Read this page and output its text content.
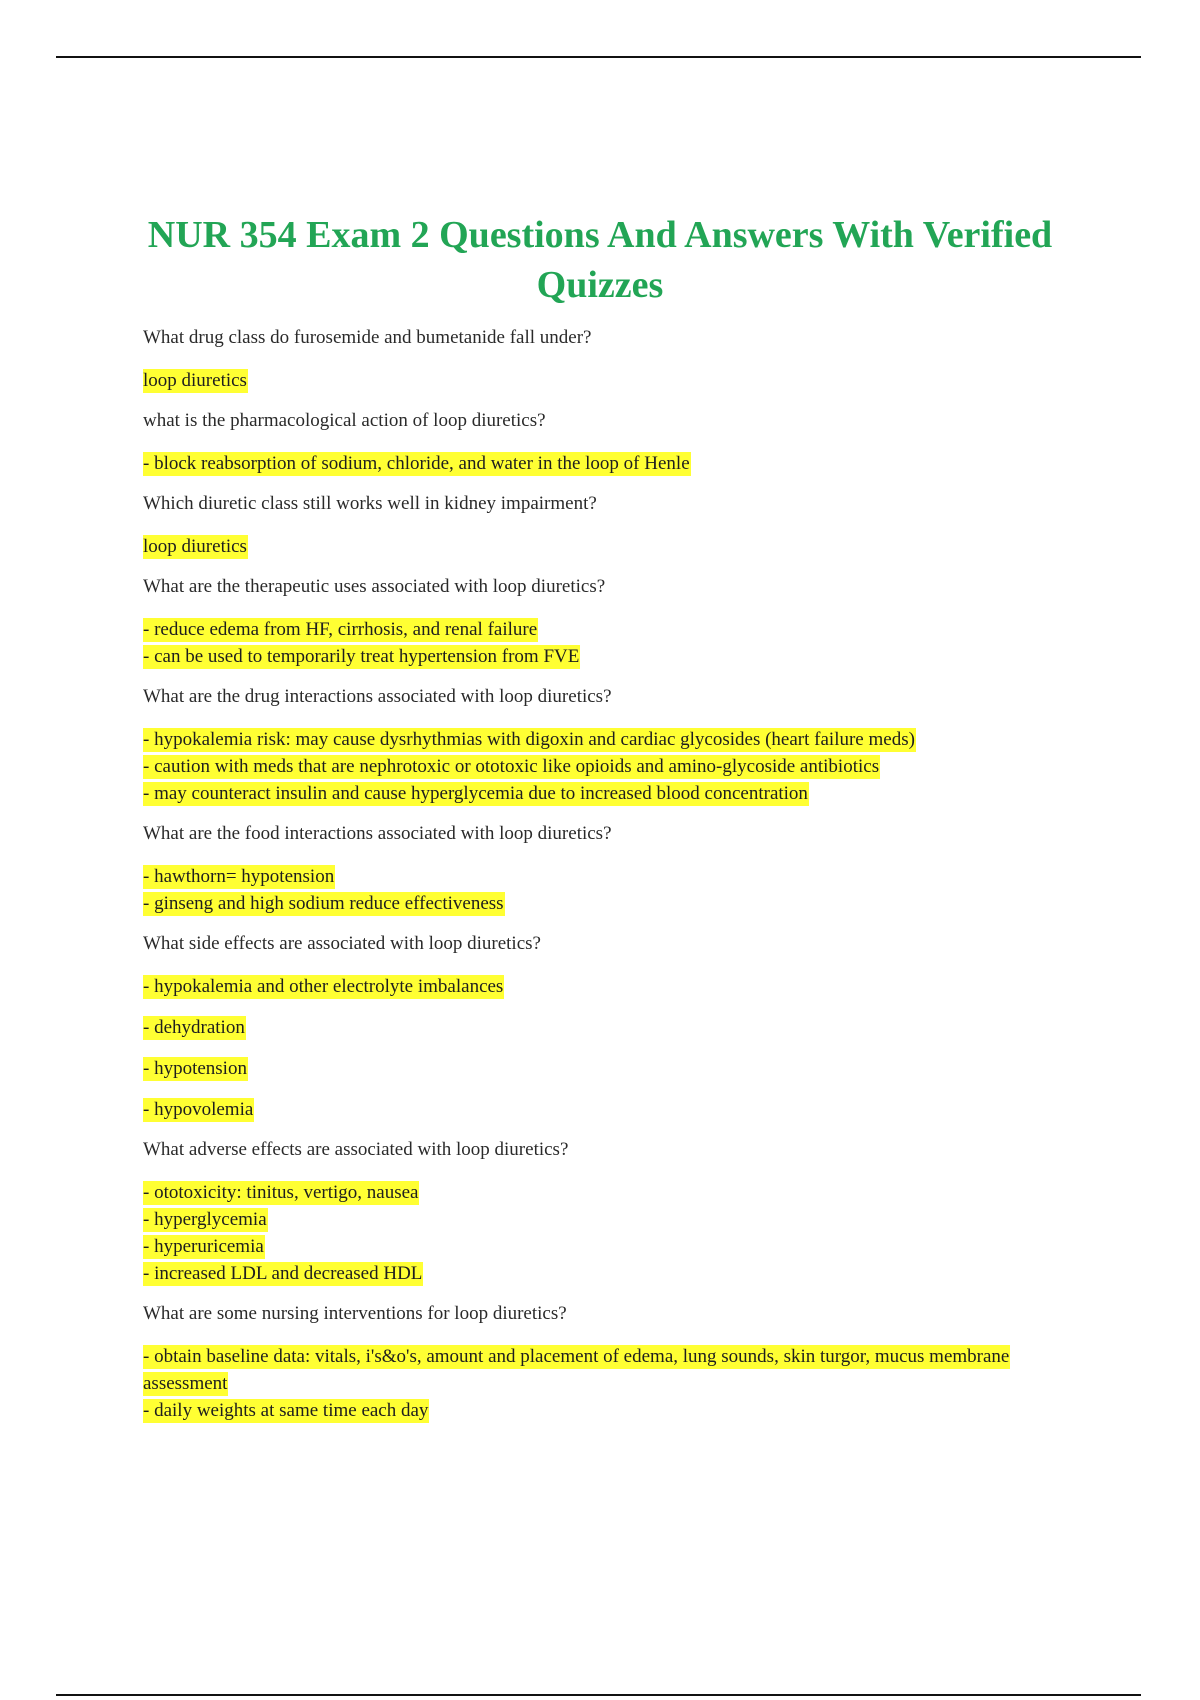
NUR 354 Exam 2 Questions And Answers With Verified Quizzes

What drug class do furosemide and bumetanide fall under?

loop diuretics

what is the pharmacological action of loop diuretics?

- block reabsorption of sodium, chloride, and water in the loop of Henle

Which diuretic class still works well in kidney impairment?

loop diuretics

What are the therapeutic uses associated with loop diuretics?

- reduce edema from HF, cirrhosis, and renal failure
- can be used to temporarily treat hypertension from FVE

What are the drug interactions associated with loop diuretics?

- hypokalemia risk: may cause dysrhythmias with digoxin and cardiac glycosides (heart failure meds)
- caution with meds that are nephrotoxic or ototoxic like opioids and amino-glycoside antibiotics
- may counteract insulin and cause hyperglycemia due to increased blood concentration

What are the food interactions associated with loop diuretics?

- hawthorn= hypotension
- ginseng and high sodium reduce effectiveness

What side effects are associated with loop diuretics?

- hypokalemia and other electrolyte imbalances
- dehydration
- hypotension
- hypovolemia

What adverse effects are associated with loop diuretics?

- ototoxicity: tinitus, vertigo, nausea
- hyperglycemia
- hyperuricemia
- increased LDL and decreased HDL

What are some nursing interventions for loop diuretics?

- obtain baseline data: vitals, i's&o's, amount and placement of edema, lung sounds, skin turgor, mucus membrane assessment
- daily weights at same time each day
